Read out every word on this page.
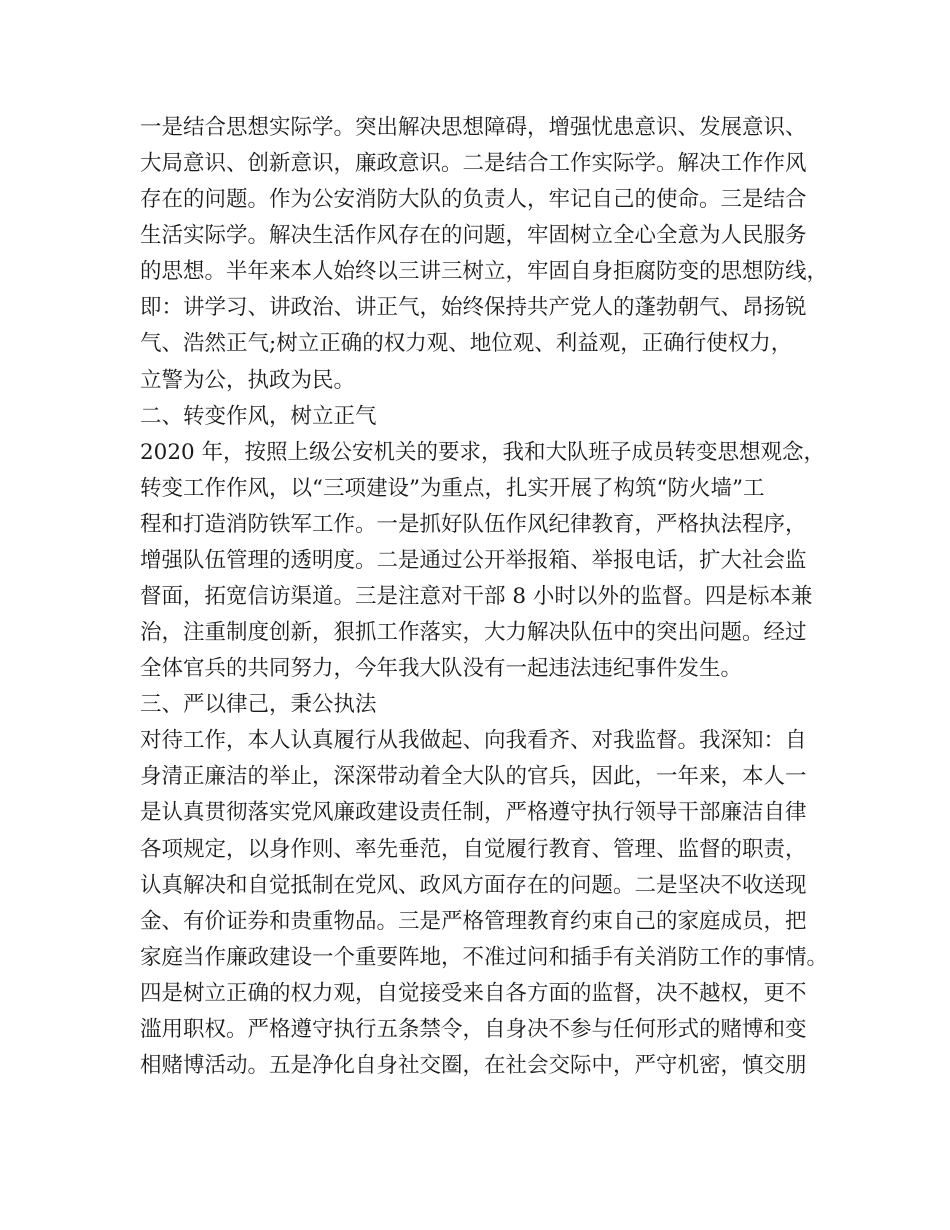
一是结合思想实际学。突出解决思想障碍，增强忧患意识、发展意识、
大局意识、创新意识，廉政意识。二是结合工作实际学。解决工作作风
存在的问题。作为公安消防大队的负责人，牢记自己的使命。三是结合
生活实际学。解决生活作风存在的问题，牢固树立全心全意为人民服务
的思想。半年来本人始终以三讲三树立，牢固自身拒腐防变的思想防线，
即：讲学习、讲政治、讲正气，始终保持共产党人的蓬勃朝气、昂扬锐
气、浩然正气;树立正确的权力观、地位观、利益观，正确行使权力，
立警为公，执政为民。
二、转变作风，树立正气
2020 年，按照上级公安机关的要求，我和大队班子成员转变思想观念，
转变工作作风，以“三项建设”为重点，扎实开展了构筑“防火墙”工
程和打造消防铁军工作。一是抓好队伍作风纪律教育，严格执法程序，
增强队伍管理的透明度。二是通过公开举报箱、举报电话，扩大社会监
督面，拓宽信访渠道。三是注意对干部 8 小时以外的监督。四是标本兼
治，注重制度创新，狠抓工作落实，大力解决队伍中的突出问题。经过
全体官兵的共同努力，今年我大队没有一起违法违纪事件发生。
三、严以律己，秉公执法
对待工作，本人认真履行从我做起、向我看齐、对我监督。我深知：自
身清正廉洁的举止，深深带动着全大队的官兵，因此，一年来，本人一
是认真贯彻落实党风廉政建设责任制，严格遵守执行领导干部廉洁自律
各项规定，以身作则、率先垂范，自觉履行教育、管理、监督的职责，
认真解决和自觉抵制在党风、政风方面存在的问题。二是坚决不收送现
金、有价证券和贵重物品。三是严格管理教育约束自己的家庭成员，把
家庭当作廉政建设一个重要阵地，不准过问和插手有关消防工作的事情。
四是树立正确的权力观，自觉接受来自各方面的监督，决不越权，更不
滥用职权。严格遵守执行五条禁令，自身决不参与任何形式的赌博和变
相赌博活动。五是净化自身社交圈，在社会交际中，严守机密，慎交朋
